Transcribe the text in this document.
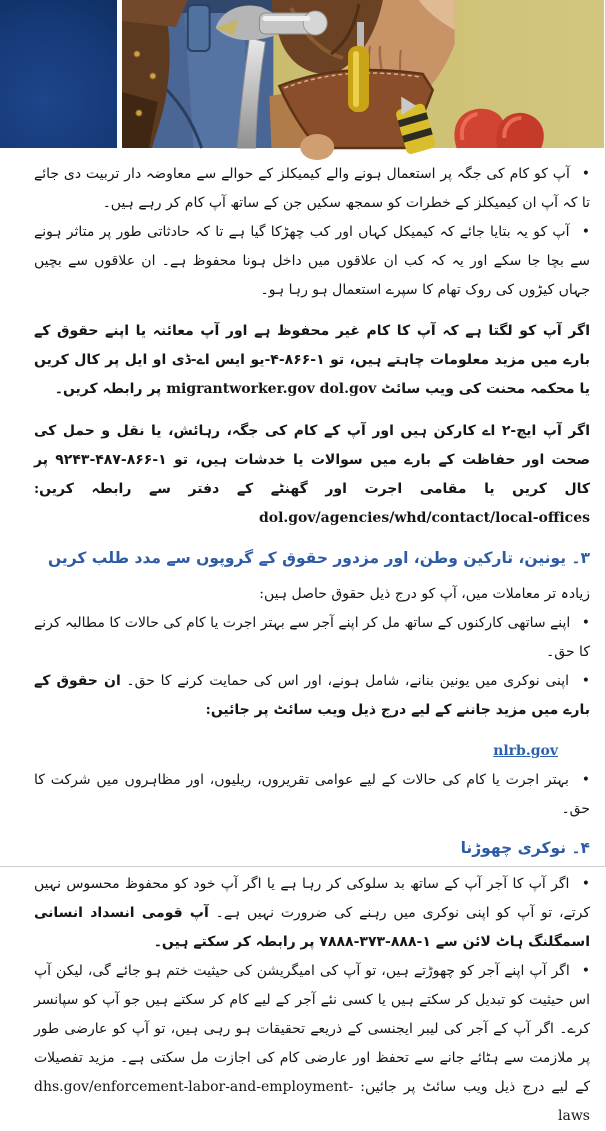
• آپ کو کام کی جگہ پر استعمال ہونے والے کیمیکلز کے حوالے سے معاوضہ دار تربیت دی جائے تا کہ آپ ان کیمیکلز کے خطرات کو سمجھ سکیں جن کے ساتھ آپ کام کر رہے ہیں۔
• آپ کو یہ بتایا جائے کہ کیمیکل کہاں اور کب چھڑکا گیا ہے تا کہ حادثاتی طور پر متاثر ہونے سے بچا جا سکے اور یہ کہ کب ان علاقوں میں داخل ہونا محفوظ ہے۔ ان علاقوں سے بچیں جہاں کیڑوں کی روک تھام کا سپرے استعمال ہو رہا ہو۔

اگر آپ کو لگتا ہے کہ آپ کا کام غیر محفوظ ہے اور آپ معائنہ یا اپنے حقوق کے بارے میں مزید معلومات چاہتے ہیں، تو ۱-۸۶۶-۴-یو ایس اے-ڈی او ایل پر کال کریں یا محکمہ محنت کی ویب سائٹ migrantworker.gov dol.gov پر رابطہ کریں۔

اگر آپ ایچ-۲ اے کارکن ہیں اور آپ کے کام کی جگہ، رہائش، یا نقل و حمل کی صحت اور حفاظت کے بارے میں سوالات یا خدشات ہیں، تو ۱-۸۶۶-۴۸۷-۹۲۴۳ پر کال کریں یا مقامی اجرت اور گھنٹے کے دفتر سے رابطہ کریں: dol.gov/agencies/whd/contact/local-offices

۳۔ یونین، تارکین وطن، اور مزدور حقوق کے گروپوں سے مدد طلب کریں

زیادہ تر معاملات میں، آپ کو درج ذیل حقوق حاصل ہیں:

• اپنے ساتھی کارکنوں کے ساتھ مل کر اپنے آجر سے بہتر اجرت یا کام کی حالات کا مطالبہ کرنے کا حق۔
• اپنی نوکری میں یونین بنانے، شامل ہونے، اور اس کی حمایت کرنے کا حق۔ ان حقوق کے بارے میں مزید جاننے کے لیے درج ذیل ویب سائٹ پر جائیں:

nlrb.gov

• بہتر اجرت یا کام کی حالات کے لیے عوامی تقریروں، ریلیوں، اور مظاہروں میں شرکت کا حق۔
۴۔ نوکری چھوڑنا
• اگر آپ کا آجر آپ کے ساتھ بد سلوکی کر رہا ہے یا اگر آپ خود کو محفوظ محسوس نہیں کرتے، تو آپ کو اپنی نوکری میں رہنے کی ضرورت نہیں ہے۔ آپ قومی انسداد انسانی اسمگلنگ ہاٹ لائن سے ۱-۸۸۸-۳۷۳-۷۸۸۸ پر رابطہ کر سکتے ہیں۔
• اگر آپ اپنے آجر کو چھوڑتے ہیں، تو آپ کی امیگریشن کی حیثیت ختم ہو جائے گی، لیکن آپ اس حیثیت کو تبدیل کر سکتے ہیں یا کسی نئے آجر کے لیے کام کر سکتے ہیں جو آپ کو سپانسر کرے۔ اگر آپ کے آجر کی لیبر ایجنسی کے ذریعے تحقیقات ہو رہی ہیں، تو آپ کو عارضی طور پر ملازمت سے ہٹائے جانے سے تحفظ اور عارضی کام کی اجازت مل سکتی ہے۔ مزید تفصیلات کے لیے درج ذیل ویب سائٹ پر جائیں: dhs.gov/enforcement-labor-and-employment-laws
